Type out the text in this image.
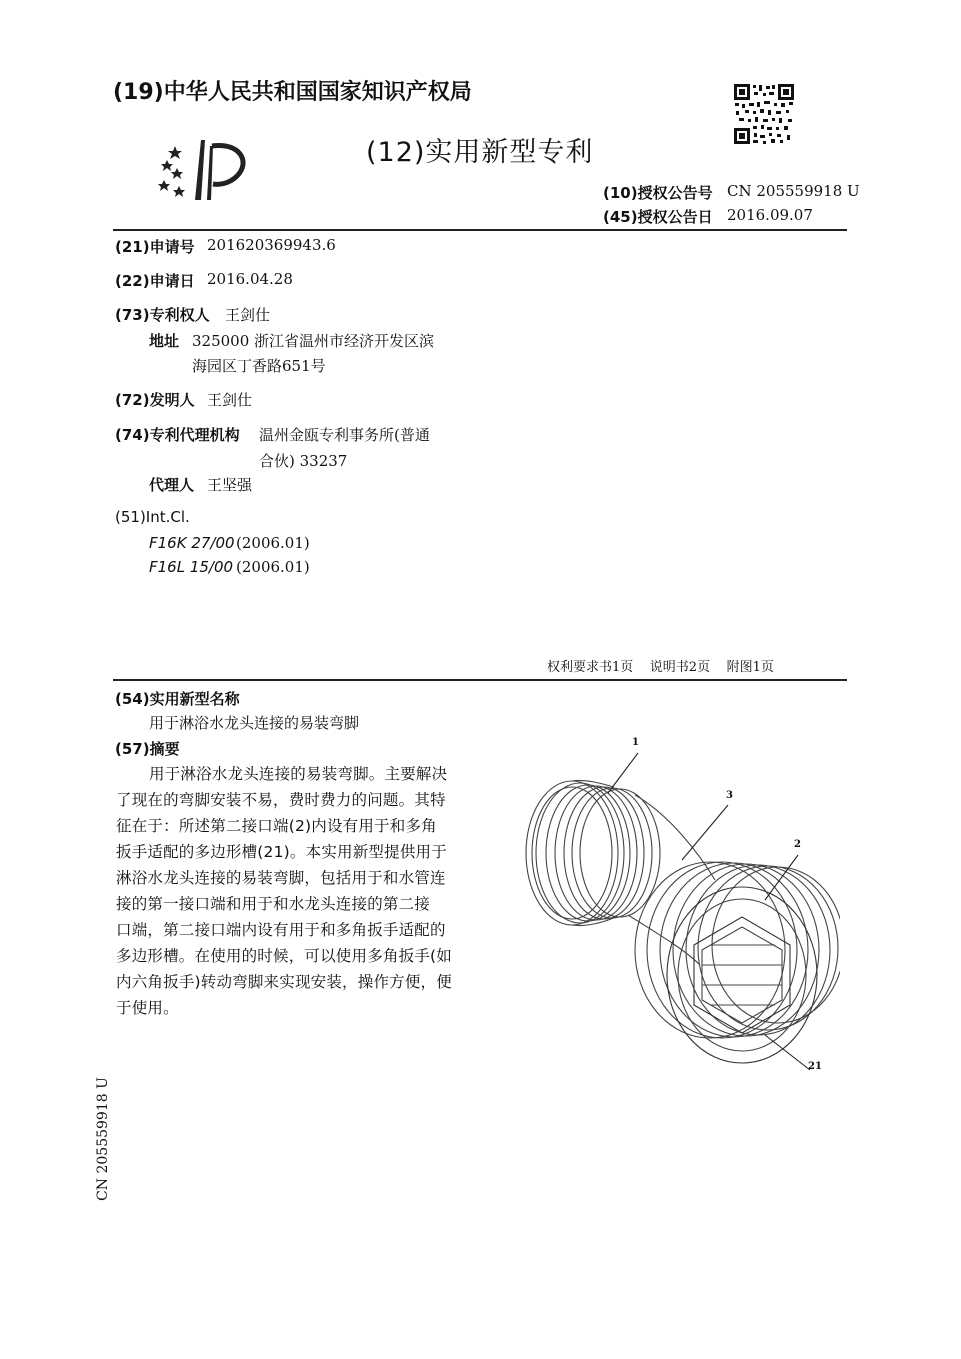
(19)中华人民共和国国家知识产权局
(12)实用新型专利
(10)授权公告号 CN 205559918 U
(45)授权公告日 2016.09.07
(21)申请号 201620369943.6
(22)申请日 2016.04.28
(73)专利权人 王剑仕
地址 325000 浙江省温州市经济开发区滨
海园区丁香路651号
(72)发明人 王剑仕
(74)专利代理机构 温州金瓯专利事务所(普通
合伙) 33237
代理人 王坚强
(51)Int.Cl.
F16K 27/00 (2006.01)
F16L 15/00 (2006.01)
权利要求书1页    说明书2页    附图1页
(54)实用新型名称
用于淋浴水龙头连接的易装弯脚
(57)摘要
用于淋浴水龙头连接的易装弯脚。主要解决
了现在的弯脚安装不易，费时费力的问题。其特
征在于：所述第二接口端(2)内设有用于和多角
扳手适配的多边形槽(21)。本实用新型提供用于
淋浴水龙头连接的易装弯脚，包括用于和水管连
接的第一接口端和用于和水龙头连接的第二接
口端，第二接口端内设有用于和多角扳手适配的
多边形槽。在使用的时候，可以使用多角扳手(如
内六角扳手)转动弯脚来实现安装，操作方便，便
于使用。
1
3
2
21
CN 205559918 U
